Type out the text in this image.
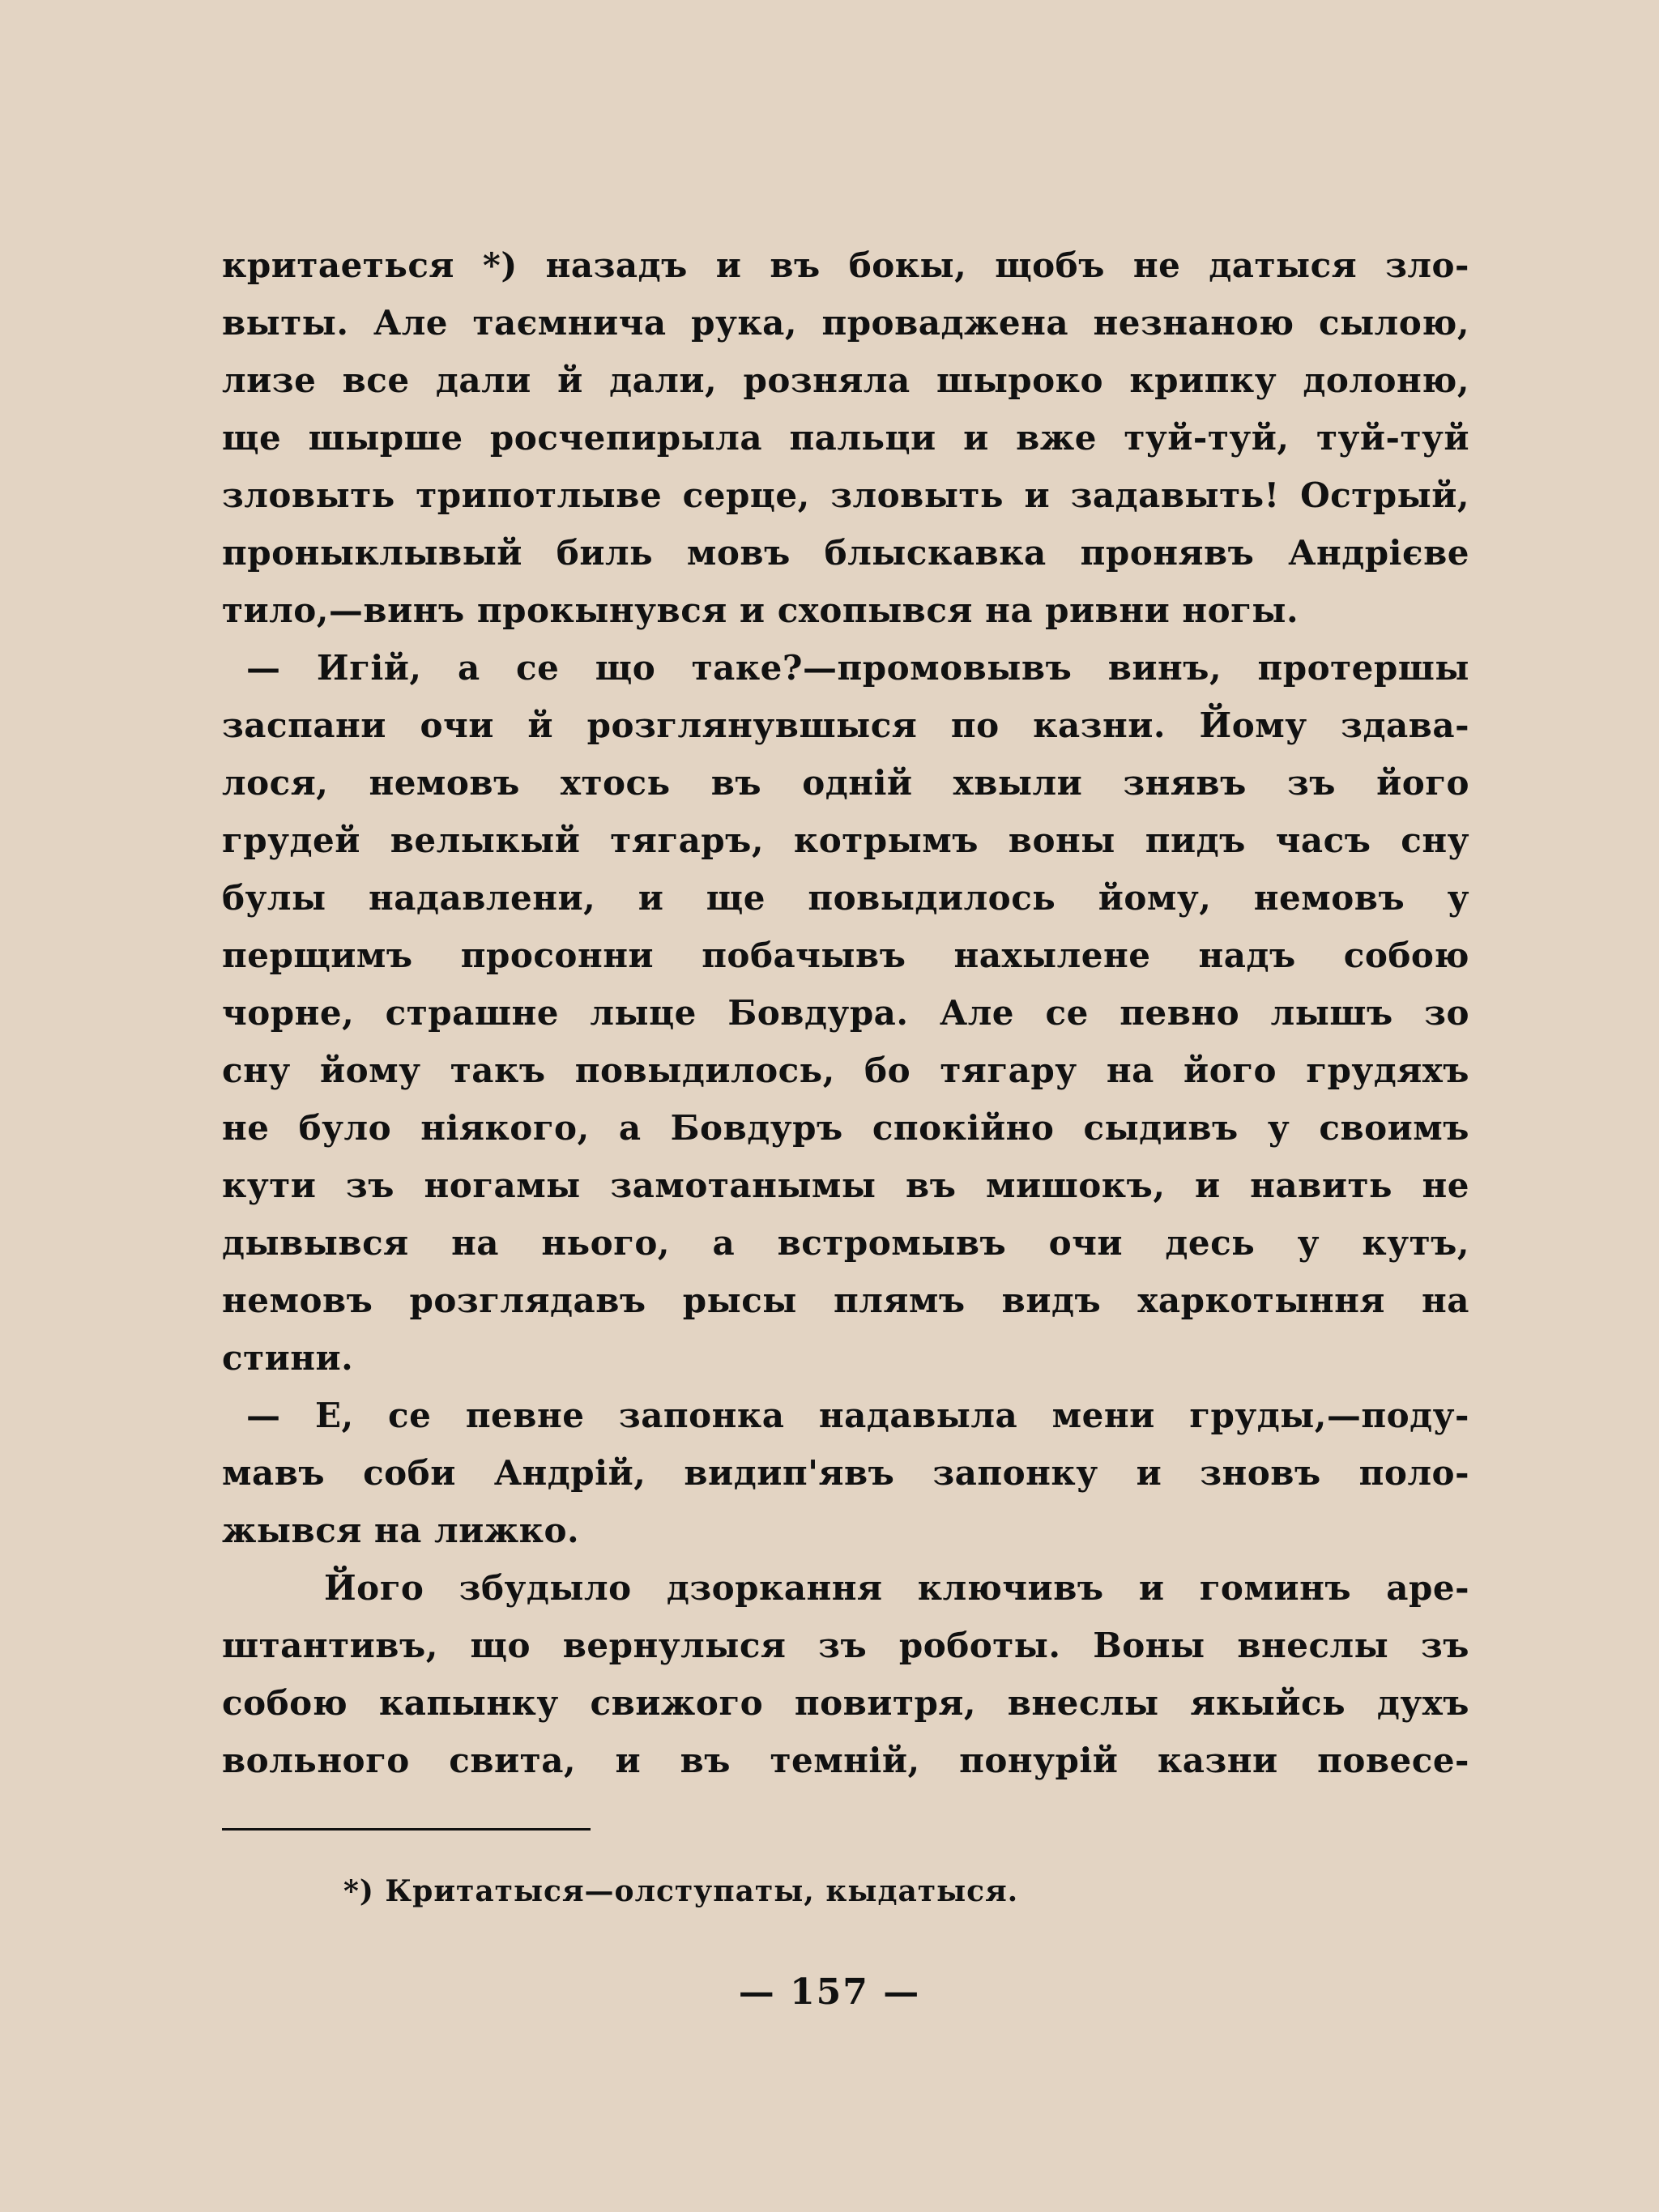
критаеться *) назадъ и въ бокы, щобъ не датыся зло-
выты. Але таємнича рука, проваджена незнаною сылою,
лизе все дали й дали, розняла шыроко крипку долоню,
ще шырше росчепирыла пальци и вже туй-туй, туй-туй
зловыть трипотлыве серце, зловыть и задавыть! Острый,
проныклывый биль мовъ блыскавка пронявъ Андрієве
тило,—винъ прокынувся и схопывся на ривни ногы.
— Игій, а се що таке?—промовывъ винъ, протершы
заспани очи й розглянувшыся по казни. Йому здава-
лося, немовъ хтось въ одній хвыли знявъ зъ його
грудей велыкый тягаръ, котрымъ воны пидъ часъ сну
булы надавлени, и ще повыдилось йому, немовъ у
перщимъ просонни побачывъ нахылене надъ собою
чорне, страшне лыце Бовдура. Але се певно лышъ зо
сну йому такъ повыдилось, бо тягару на його грудяхъ
не було ніякого, а Бовдуръ спокійно сыдивъ у своимъ
кути зъ ногамы замотанымы въ мишокъ, и навить не
дывывся на нього, а встромывъ очи десь у кутъ,
немовъ розглядавъ рысы плямъ видъ харкотыння на
стини.
— Е, се певне запонка надавыла мени груды,—поду-
мавъ соби Андрій, видип'явъ запонку и зновъ поло-
жывся на лижко.
Його збудыло дзоркання ключивъ и гоминъ аре-
штантивъ, що вернулыся зъ роботы. Воны внеслы зъ
собою капынку свижого повитря, внеслы якыйсь духъ
вольного свита, и въ темній, понурій казни повесе-
*) Критатыся—олступаты, кыдатыся.
— 157 —
